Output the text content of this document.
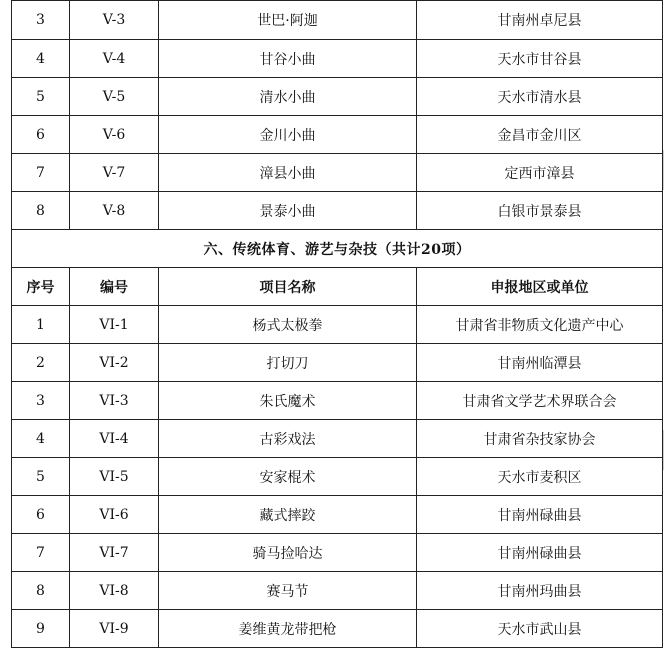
3	V-3	世巴·阿迦	甘南州卓尼县
4	V-4	甘谷小曲	天水市甘谷县
5	V-5	清水小曲	天水市清水县
6	V-6	金川小曲	金昌市金川区
7	V-7	漳县小曲	定西市漳县
8	V-8	景泰小曲	白银市景泰县
六、传统体育、游艺与杂技（共计20项）			
序号	编号	项目名称	申报地区或单位
1	VI-1	杨式太极拳	甘肃省非物质文化遗产中心
2	VI-2	打切刀	甘南州临潭县
3	VI-3	朱氏魔术	甘肃省文学艺术界联合会
4	VI-4	古彩戏法	甘肃省杂技家协会
5	VI-5	安家棍术	天水市麦积区
6	VI-6	藏式摔跤	甘南州碌曲县
7	VI-7	骑马捡哈达	甘南州碌曲县
8	VI-8	赛马节	甘南州玛曲县
9	VI-9	姜维黄龙带把枪	天水市武山县
